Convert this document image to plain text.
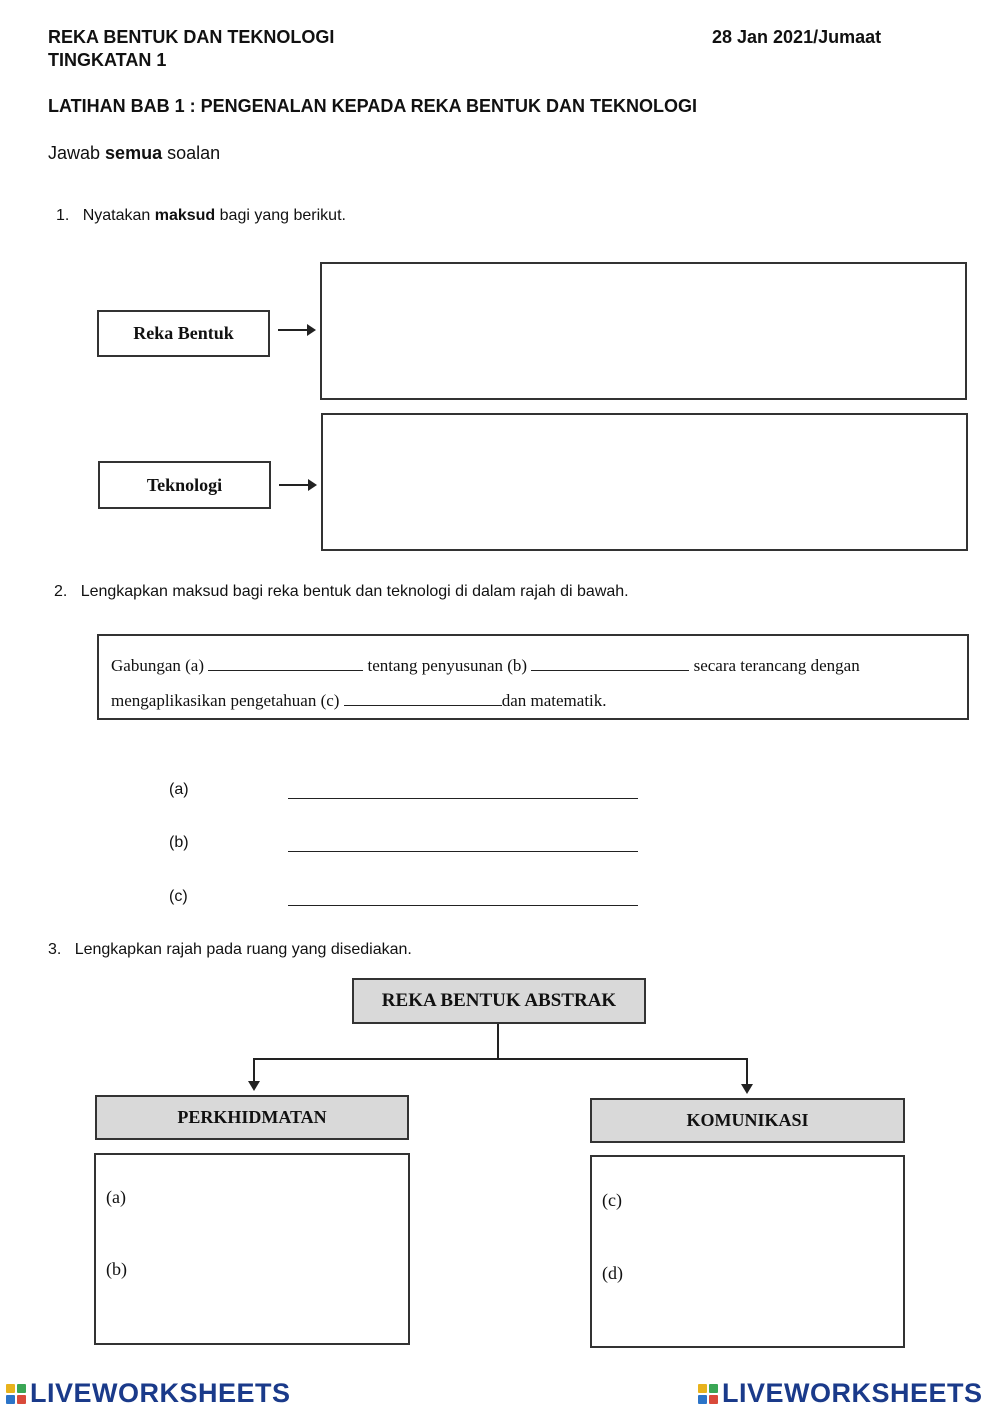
REKA BENTUK DAN TEKNOLOGI	28 Jan 2021/Jumaat
TINGKATAN 1
LATIHAN BAB 1 : PENGENALAN KEPADA REKA BENTUK DAN TEKNOLOGI
Jawab semua soalan
1. Nyatakan maksud bagi yang berikut.
Reka Bentuk
Teknologi
2. Lengkapkan maksud bagi reka bentuk dan teknologi di dalam rajah di bawah.
Gabungan (a)	tentang penyusunan (b)	secara terancang dengan
mengaplikasikan pengetahuan (c)	dan matematik.
(a)
(b)
(c)
3. Lengkapkan rajah pada ruang yang disediakan.
REKA BENTUK ABSTRAK
PERKHIDMATAN	KOMUNIKASI
(a)
(b)
(c)
(d)
LIVEWORKSHEETS	LIVEWORKSHEETS
